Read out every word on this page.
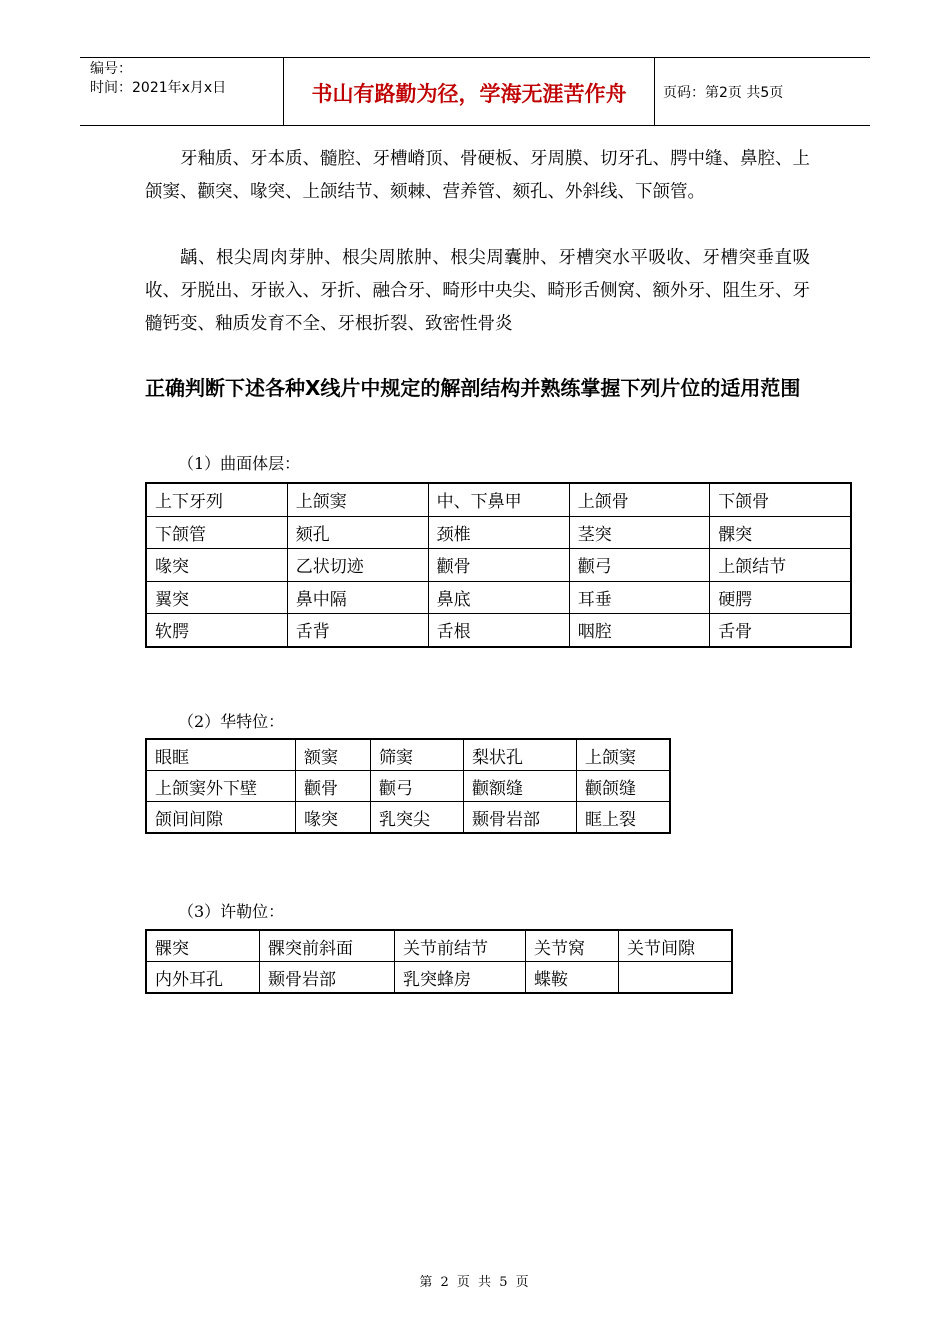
编号：
时间：2021年x月x日	书山有路勤为径，学海无涯苦作舟	页码：第2页 共5页
牙釉质、牙本质、髓腔、牙槽嵴顶、骨硬板、牙周膜、切牙孔、腭中缝、鼻腔、上颌窦、颧突、喙突、上颌结节、颏棘、营养管、颏孔、外斜线、下颌管。
龋、根尖周肉芽肿、根尖周脓肿、根尖周囊肿、牙槽突水平吸收、牙槽突垂直吸收、牙脱出、牙嵌入、牙折、融合牙、畸形中央尖、畸形舌侧窝、额外牙、阻生牙、牙髓钙变、釉质发育不全、牙根折裂、致密性骨炎
正确判断下述各种X线片中规定的解剖结构并熟练掌握下列片位的适用范围
（1）曲面体层：
上下牙列	上颌窦	中、下鼻甲	上颌骨	下颌骨
下颌管	颏孔	颈椎	茎突	髁突
喙突	乙状切迹	颧骨	颧弓	上颌结节
翼突	鼻中隔	鼻底	耳垂	硬腭
软腭	舌背	舌根	咽腔	舌骨
（2）华特位：
眼眶	额窦	筛窦	梨状孔	上颌窦
上颌窦外下壁	颧骨	颧弓	颧额缝	颧颌缝
颌间间隙	喙突	乳突尖	颞骨岩部	眶上裂
（3）许勒位：
髁突	髁突前斜面	关节前结节	关节窝	关节间隙
内外耳孔	颞骨岩部	乳突蜂房	蝶鞍	
第 2 页 共 5 页
